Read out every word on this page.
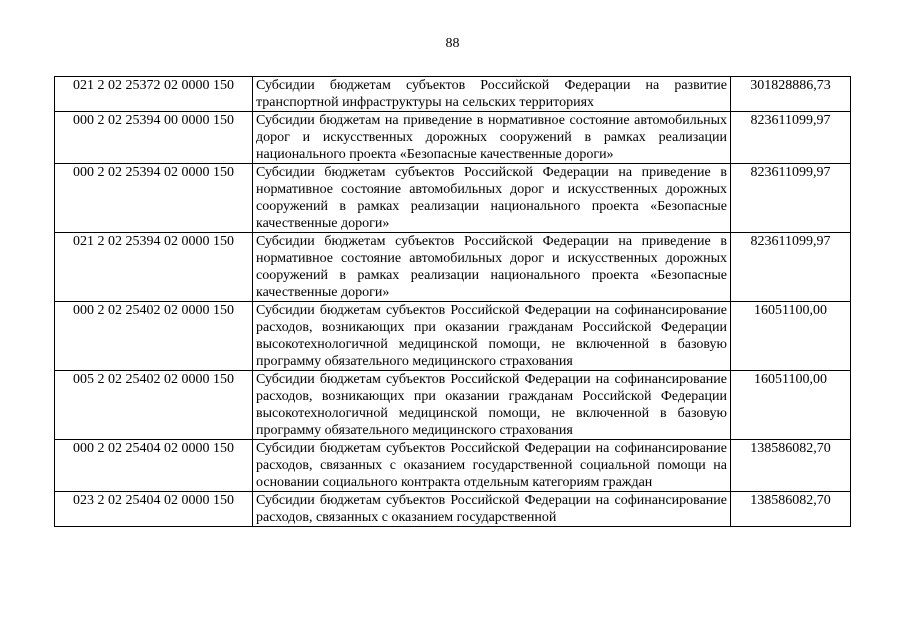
88
021 2 02 25372 02 0000 150	Субсидии бюджетам субъектов Российской Федерации на развитие транспортной инфраструктуры на сельских территориях	301828886,73
000 2 02 25394 00 0000 150	Субсидии бюджетам на приведение в нормативное состояние автомобильных дорог и искусственных дорожных сооружений в рамках реализации национального проекта «Безопасные качественные дороги»	823611099,97
000 2 02 25394 02 0000 150	Субсидии бюджетам субъектов Российской Федерации на приведение в нормативное состояние автомобильных дорог и искусственных дорожных сооружений в рамках реализации национального проекта «Безопасные качественные дороги»	823611099,97
021 2 02 25394 02 0000 150	Субсидии бюджетам субъектов Российской Федерации на приведение в нормативное состояние автомобильных дорог и искусственных дорожных сооружений в рамках реализации национального проекта «Безопасные качественные дороги»	823611099,97
000 2 02 25402 02 0000 150	Субсидии бюджетам субъектов Российской Федерации на софинансирование расходов, возникающих при оказании гражданам Российской Федерации высокотехнологичной медицинской помощи, не включенной в базовую программу обязательного медицинского страхования	16051100,00
005 2 02 25402 02 0000 150	Субсидии бюджетам субъектов Российской Федерации на софинансирование расходов, возникающих при оказании гражданам Российской Федерации высокотехнологичной медицинской помощи, не включенной в базовую программу обязательного медицинского страхования	16051100,00
000 2 02 25404 02 0000 150	Субсидии бюджетам субъектов Российской Федерации на софинансирование расходов, связанных с оказанием государственной социальной помощи на основании социального контракта отдельным категориям граждан	138586082,70
023 2 02 25404 02 0000 150	Субсидии бюджетам субъектов Российской Федерации на софинансирование расходов, связанных с оказанием государственной	138586082,70
